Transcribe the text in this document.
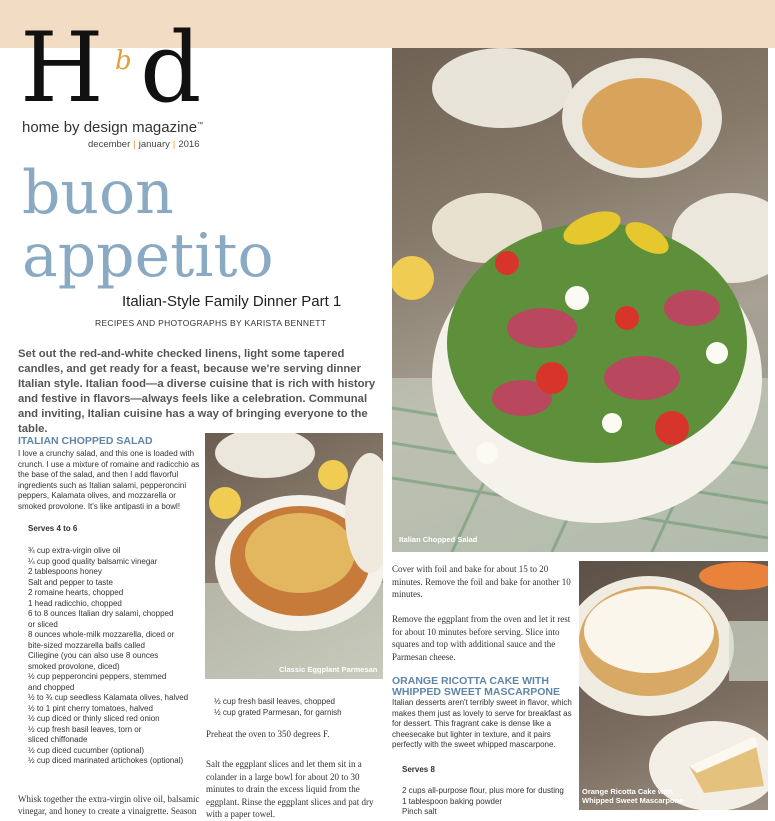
H b d
home by design magazine™
december | january | 2016
buon
appetito
Italian-Style Family Dinner Part 1
RECIPES AND PHOTOGRAPHS BY KARISTA BENNETT
Set out the red-and-white checked linens, light some tapered candles, and get ready for a feast, because we're serving dinner Italian style. Italian food—a diverse cuisine that is rich with history and festive in flavors—always feels like a celebration. Communal and inviting, Italian cuisine has a way of bringing everyone to the table.
ITALIAN CHOPPED SALAD
I love a crunchy salad, and this one is loaded with crunch. I use a mixture of romaine and radicchio as the base of the salad, and then I add flavorful ingredients such as Italian salami, pepperoncini peppers, Kalamata olives, and mozzarella or smoked provolone. It's like antipasti in a bowl!
Serves 4 to 6
¾ cup extra-virgin olive oil
¼ cup good quality balsamic vinegar
2 tablespoons honey
Salt and pepper to taste
2 romaine hearts, chopped
1 head radicchio, chopped
6 to 8 ounces Italian dry salami, chopped
or sliced
8 ounces whole-milk mozzarella, diced or
bite-sized mozzarella balls called
Ciliegine (you can also use 8 ounces
smoked provolone, diced)
½ cup pepperoncini peppers, stemmed
and chopped
½ to ¾ cup seedless Kalamata olives, halved
½ to 1 pint cherry tomatoes, halved
½ cup diced or thinly sliced red onion
½ cup fresh basil leaves, torn or
sliced chiffonade
½ cup diced cucumber (optional)
½ cup diced marinated artichokes (optional)
Whisk together the extra-virgin olive oil, balsamic vinegar, and honey to create a vinaigrette. Season
Italian Chopped Salad
Classic Eggplant Parmesan
½ cup fresh basil leaves, chopped
½ cup grated Parmesan, for garnish
Preheat the oven to 350 degrees F.
Salt the eggplant slices and let them sit in a colander in a large bowl for about 20 to 30 minutes to drain the excess liquid from the eggplant. Rinse the eggplant slices and pat dry with a paper towel.
Cover with foil and bake for about 15 to 20 minutes. Remove the foil and bake for another 10 minutes.
Remove the eggplant from the oven and let it rest for about 10 minutes before serving. Slice into squares and top with additional sauce and the Parmesan cheese.
ORANGE RICOTTA CAKE WITH
WHIPPED SWEET MASCARPONE
Italian desserts aren't terribly sweet in flavor, which makes them just as lovely to serve for breakfast as for dessert. This fragrant cake is dense like a cheesecake but lighter in texture, and it pairs perfectly with the sweet whipped mascarpone.
Serves 8
2 cups all-purpose flour, plus more for dusting
1 tablespoon baking powder
Pinch salt
Orange Ricotta Cake with
Whipped Sweet Mascarpone
